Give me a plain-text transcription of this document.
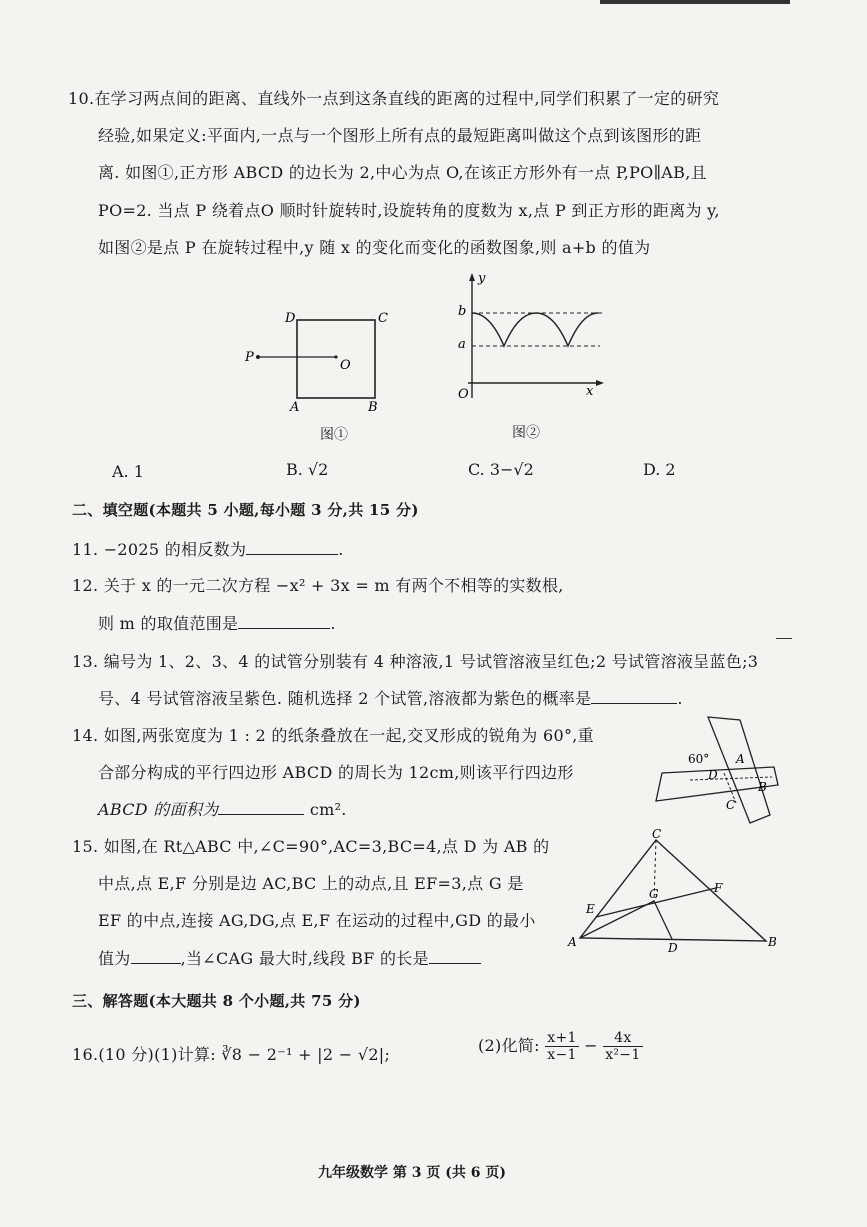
10.在学习两点间的距离、直线外一点到这条直线的距离的过程中,同学们积累了一定的研究
经验,如果定义:平面内,一点与一个图形上所有点的最短距离叫做这个点到该图形的距
离. 如图①,正方形 ABCD 的边长为 2,中心为点 O,在该正方形外有一点 P,PO∥AB,且
PO=2. 当点 P 绕着点O 顺时针旋转时,设旋转角的度数为 x,点 P 到正方形的距离为 y,
如图②是点 P 在旋转过程中,y 随 x 的变化而变化的函数图象,则 a+b 的值为
D	C
A	B
P
O
图①
y
x
b
a
O
图②
A. 1	B. √2	C. 3−√2	D. 2
二、填空题(本题共 5 小题,每小题 3 分,共 15 分)
11. −2025 的相反数为	.
12. 关于 x 的一元二次方程 −x² + 3x = m 有两个不相等的实数根,
则 m 的取值范围是	.
13. 编号为 1、2、3、4 的试管分别装有 4 种溶液,1 号试管溶液呈红色;2 号试管溶液呈蓝色;3
号、4 号试管溶液呈紫色. 随机选择 2 个试管,溶液都为紫色的概率是	.
14. 如图,两张宽度为 1 : 2 的纸条叠放在一起,交叉形成的锐角为 60°,重
合部分构成的平行四边形 ABCD 的周长为 12cm,则该平行四边形
ABCD 的面积为	cm².
60° A
D
B
C
15. 如图,在 Rt△ABC 中,∠C=90°,AC=3,BC=4,点 D 为 AB 的
中点,点 E,F 分别是边 AC,BC 上的动点,且 EF=3,点 G 是
EF 的中点,连接 AG,DG,点 E,F 在运动的过程中,GD 的最小
值为	,当∠CAG 最大时,线段 BF 的长是
C
E
G	F
A	D	B
三、解答题(本大题共 8 个小题,共 75 分)
16.(10 分)(1)计算: ∛8 − 2⁻¹ + |2 − √2|;	(2)化简: $\frac{x+1}{x-1} - \frac{4x}{\text{x²−1}}$
九年级数学 第 3 页 (共 6 页)
